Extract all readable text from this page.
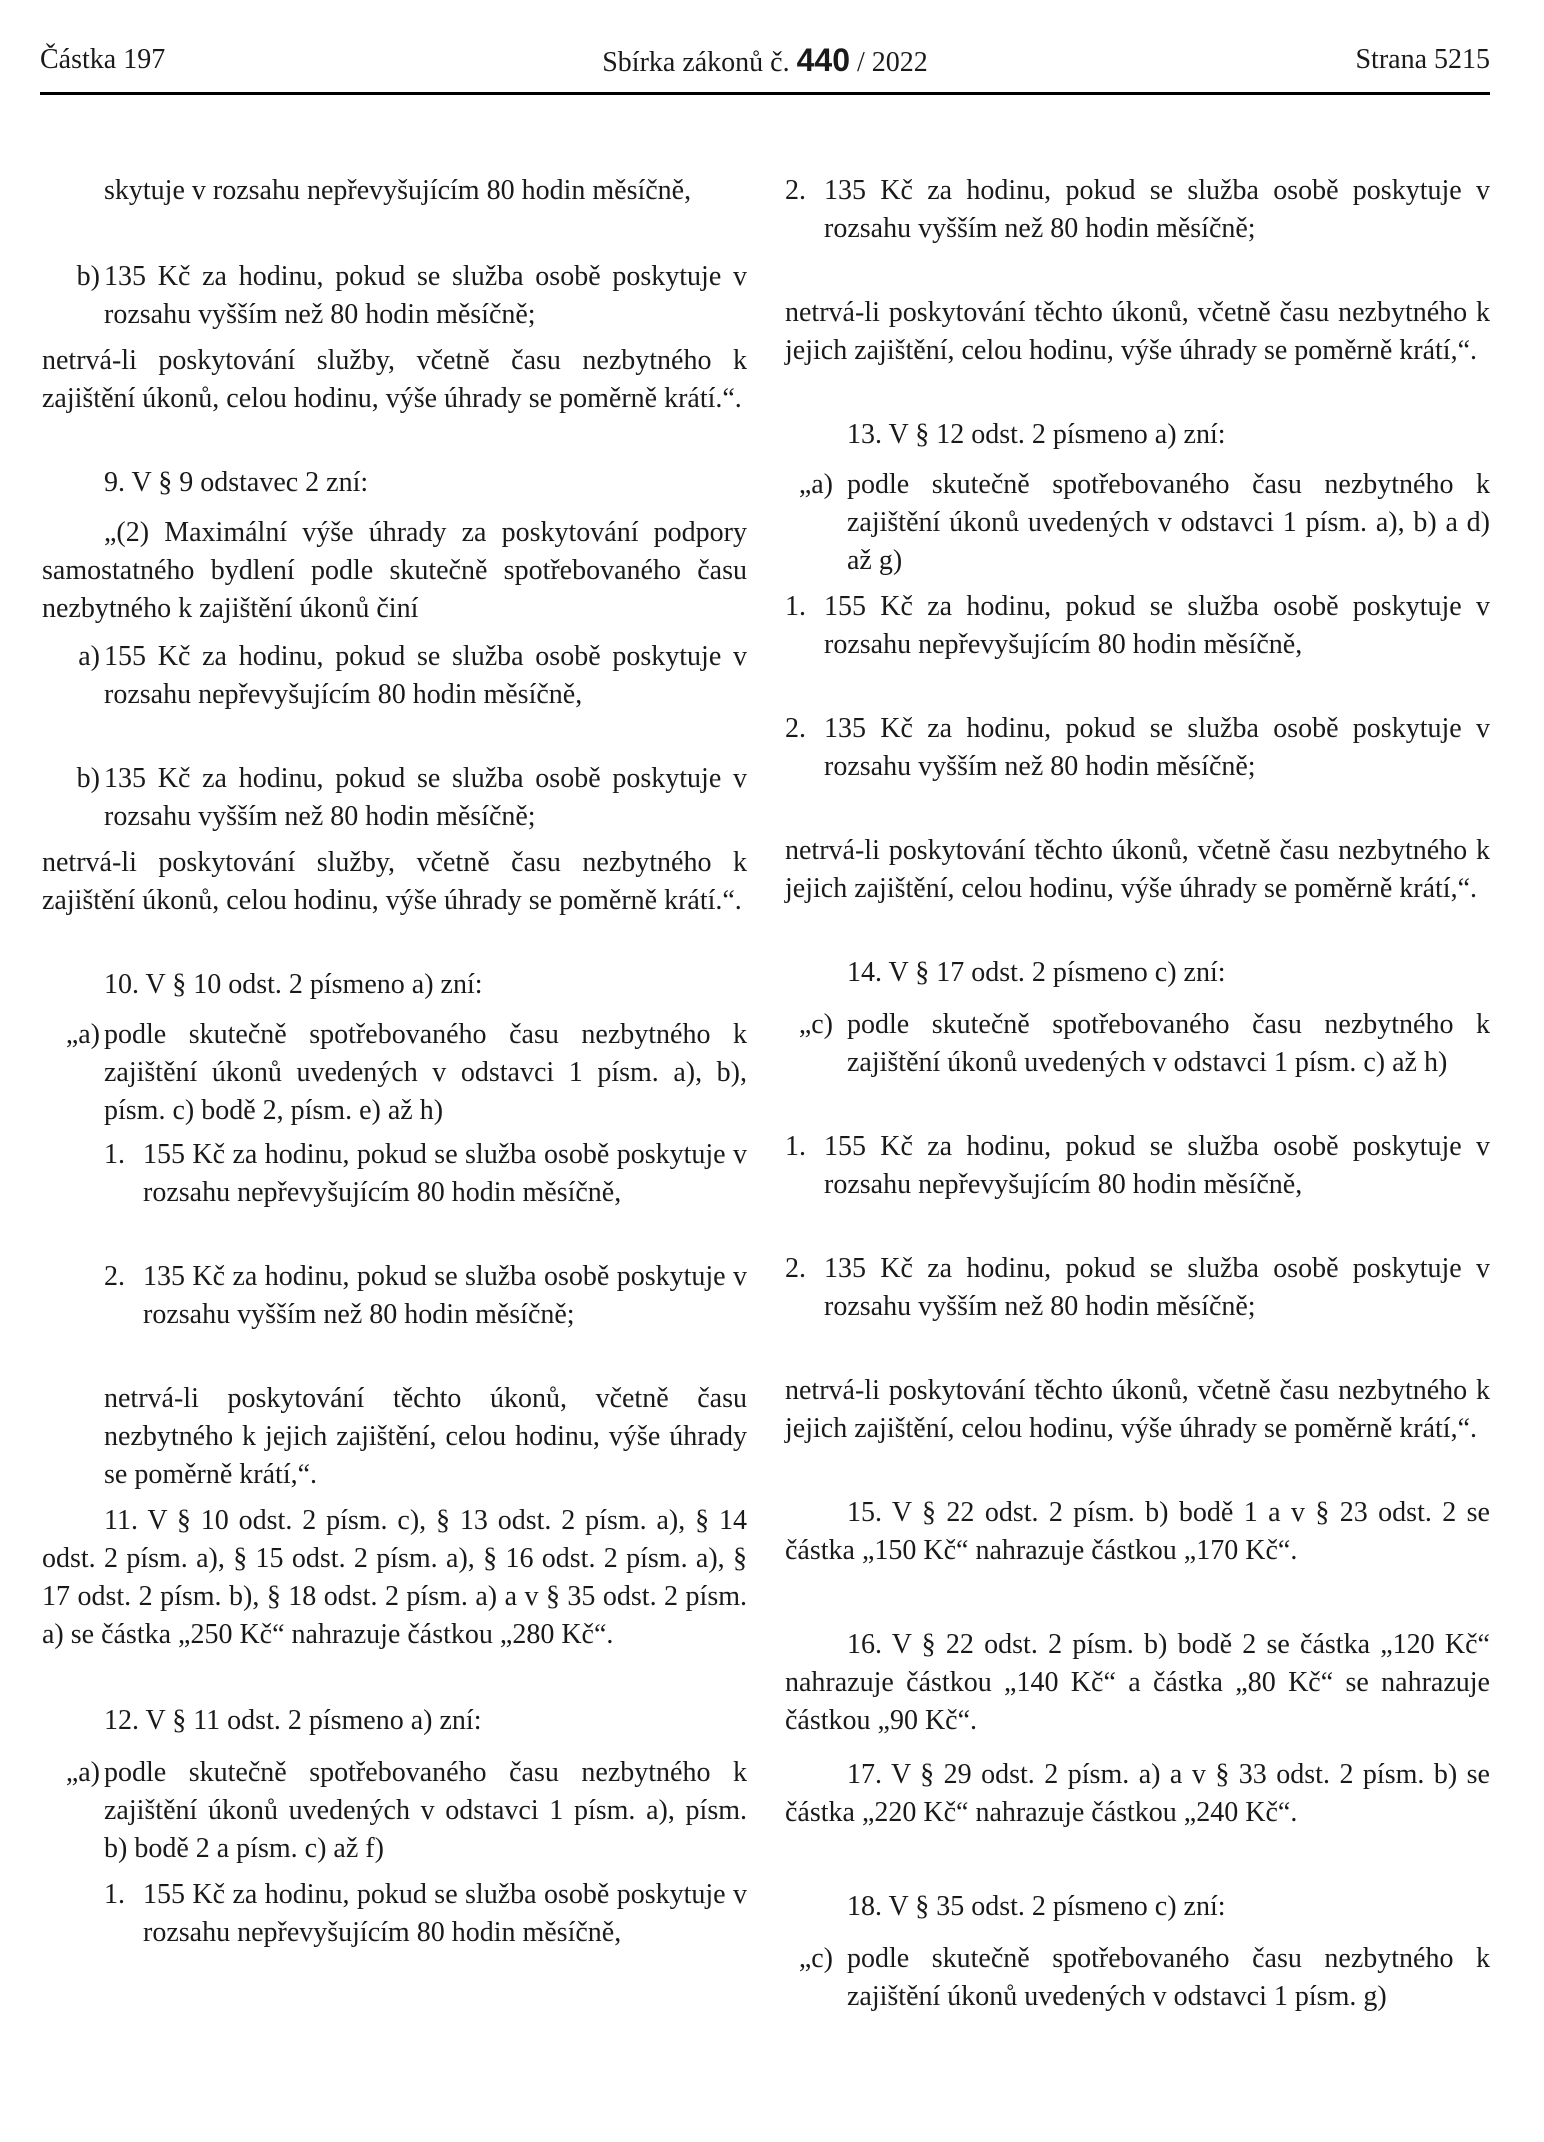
Částka 197	Sbírka zákonů č. 440 / 2022	Strana 5215
skytuje v rozsahu nepřevyšujícím 80 hodin měsíčně,
b) 135 Kč za hodinu, pokud se služba osobě poskytuje v rozsahu vyšším než 80 hodin měsíčně;
netrvá-li poskytování služby, včetně času nezbytného k zajištění úkonů, celou hodinu, výše úhrady se poměrně krátí.“.
9. V § 9 odstavec 2 zní:
„(2) Maximální výše úhrady za poskytování podpory samostatného bydlení podle skutečně spotřebovaného času nezbytného k zajištění úkonů činí
a) 155 Kč za hodinu, pokud se služba osobě poskytuje v rozsahu nepřevyšujícím 80 hodin měsíčně,
b) 135 Kč za hodinu, pokud se služba osobě poskytuje v rozsahu vyšším než 80 hodin měsíčně;
netrvá-li poskytování služby, včetně času nezbytného k zajištění úkonů, celou hodinu, výše úhrady se poměrně krátí.“.
10. V § 10 odst. 2 písmeno a) zní:
„a) podle skutečně spotřebovaného času nezbytného k zajištění úkonů uvedených v odstavci 1 písm. a), b), písm. c) bodě 2, písm. e) až h)
1. 155 Kč za hodinu, pokud se služba osobě poskytuje v rozsahu nepřevyšujícím 80 hodin měsíčně,
2. 135 Kč za hodinu, pokud se služba osobě poskytuje v rozsahu vyšším než 80 hodin měsíčně;
netrvá-li poskytování těchto úkonů, včetně času nezbytného k jejich zajištění, celou hodinu, výše úhrady se poměrně krátí,“.
11. V § 10 odst. 2 písm. c), § 13 odst. 2 písm. a), § 14 odst. 2 písm. a), § 15 odst. 2 písm. a), § 16 odst. 2 písm. a), § 17 odst. 2 písm. b), § 18 odst. 2 písm. a) a v § 35 odst. 2 písm. a) se částka „250 Kč“ nahrazuje částkou „280 Kč“.
12. V § 11 odst. 2 písmeno a) zní:
„a) podle skutečně spotřebovaného času nezbytného k zajištění úkonů uvedených v odstavci 1 písm. a), písm. b) bodě 2 a písm. c) až f)
1. 155 Kč za hodinu, pokud se služba osobě poskytuje v rozsahu nepřevyšujícím 80 hodin měsíčně,
2. 135 Kč za hodinu, pokud se služba osobě poskytuje v rozsahu vyšším než 80 hodin měsíčně;
netrvá-li poskytování těchto úkonů, včetně času nezbytného k jejich zajištění, celou hodinu, výše úhrady se poměrně krátí,“.
13. V § 12 odst. 2 písmeno a) zní:
„a) podle skutečně spotřebovaného času nezbytného k zajištění úkonů uvedených v odstavci 1 písm. a), b) a d) až g)
1. 155 Kč za hodinu, pokud se služba osobě poskytuje v rozsahu nepřevyšujícím 80 hodin měsíčně,
2. 135 Kč za hodinu, pokud se služba osobě poskytuje v rozsahu vyšším než 80 hodin měsíčně;
netrvá-li poskytování těchto úkonů, včetně času nezbytného k jejich zajištění, celou hodinu, výše úhrady se poměrně krátí,“.
14. V § 17 odst. 2 písmeno c) zní:
„c) podle skutečně spotřebovaného času nezbytného k zajištění úkonů uvedených v odstavci 1 písm. c) až h)
1. 155 Kč za hodinu, pokud se služba osobě poskytuje v rozsahu nepřevyšujícím 80 hodin měsíčně,
2. 135 Kč za hodinu, pokud se služba osobě poskytuje v rozsahu vyšším než 80 hodin měsíčně;
netrvá-li poskytování těchto úkonů, včetně času nezbytného k jejich zajištění, celou hodinu, výše úhrady se poměrně krátí,“.
15. V § 22 odst. 2 písm. b) bodě 1 a v § 23 odst. 2 se částka „150 Kč“ nahrazuje částkou „170 Kč“.
16. V § 22 odst. 2 písm. b) bodě 2 se částka „120 Kč“ nahrazuje částkou „140 Kč“ a částka „80 Kč“ se nahrazuje částkou „90 Kč“.
17. V § 29 odst. 2 písm. a) a v § 33 odst. 2 písm. b) se částka „220 Kč“ nahrazuje částkou „240 Kč“.
18. V § 35 odst. 2 písmeno c) zní:
„c) podle skutečně spotřebovaného času nezbytného k zajištění úkonů uvedených v odstavci 1 písm. g)
